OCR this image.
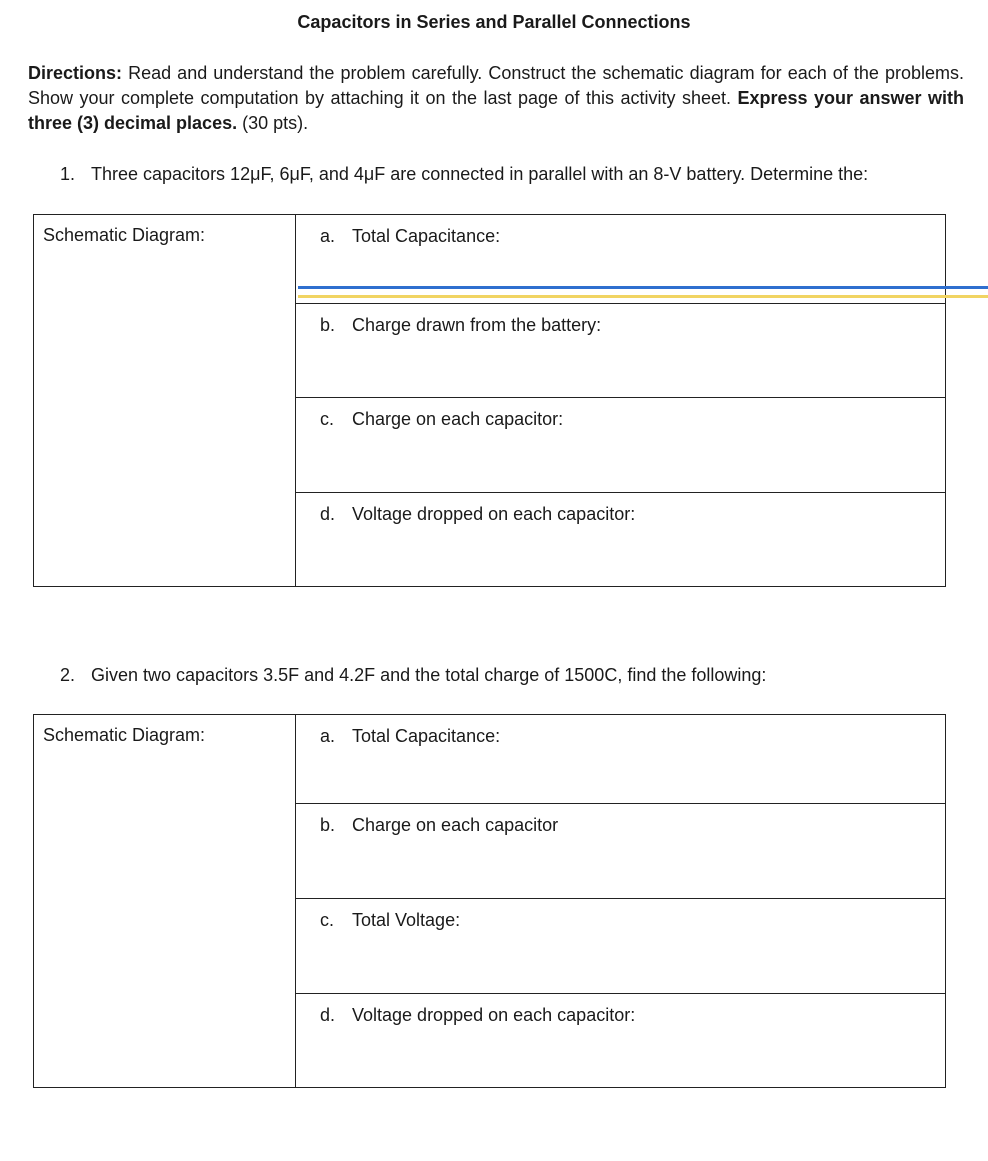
Capacitors in Series and Parallel Connections
Directions: Read and understand the problem carefully. Construct the schematic diagram for each of the problems. Show your complete computation by attaching it on the last page of this activity sheet. Express your answer with three (3) decimal places. (30 pts).
1. Three capacitors 12μF, 6μF, and 4μF are connected in parallel with an 8-V battery. Determine the:
Schematic Diagram:	a. Total Capacitance:

b. Charge drawn from the battery:

c. Charge on each capacitor:

d. Voltage dropped on each capacitor:
2. Given two capacitors 3.5F and 4.2F and the total charge of 1500C, find the following:
Schematic Diagram:	a. Total Capacitance:

b. Charge on each capacitor

c. Total Voltage:

d. Voltage dropped on each capacitor:
